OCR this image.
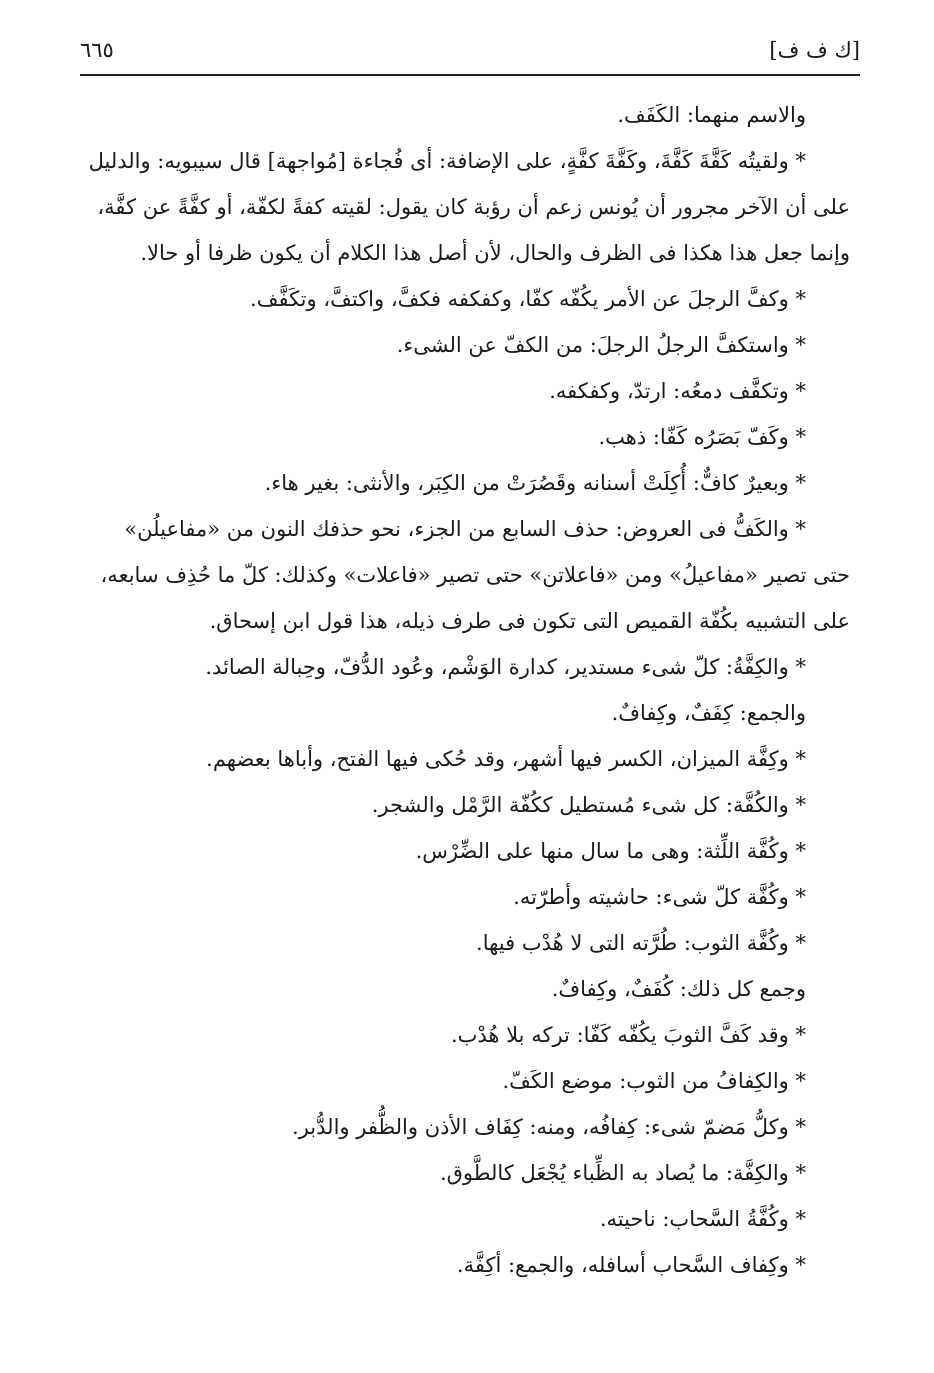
[ك ف ف]
٦٦٥

والاسم منهما: الكَفَف.

* ولقيتُه كَفَّةَ كَفَّةَ، وكَفَّةَ كفَّةٍ، على الإضافة: أى فُجاءة [مُواجهة] قال سيبويه: والدليل

على أن الآخر مجرور أن يُونس زعم أن رؤبة كان يقول: لقيته كفةً لكفّة، أو كفَّةً عن كفَّة،

وإنما جعل هذا هكذا فى الظرف والحال، لأن أصل هذا الكلام أن يكون ظرفا أو حالا.

* وكفَّ الرجلَ عن الأمر يكُفّه كفّا، وكفكفه فكفَّ، واكتفَّ، وتكَفَّف.

* واستكفَّ الرجلُ الرجلَ: من الكفّ عن الشىء.

* وتكفَّف دمعُه: ارتدّ، وكفكفه.

* وكَفّ بَصَرُه كَفّا: ذهب.

* وبعيرٌ كافٌّ: أُكِلَتْ أسنانه وقَصُرَتْ من الكِبَر، والأنثى: بغير هاء.

* والكَفُّ فى العروض: حذف السابع من الجزء، نحو حذفك النون من «مفاعيلُن»

حتى تصير «مفاعيلُ» ومن «فاعلاتن» حتى تصير «فاعلات» وكذلك: كلّ ما حُذِف سابعه،

على التشبيه بكُفّة القميص التى تكون فى طرف ذيله، هذا قول ابن إسحاق.

* والكِفَّةُ: كلّ شىء مستدير، كدارة الوَشْم، وعُود الدُّفّ، وحِبالة الصائد.

والجمع: كِفَفٌ، وكِفافٌ.

* وكِفَّة الميزان، الكسر فيها أشهر، وقد حُكى فيها الفتح، وأباها بعضهم.

* والكُفَّة: كل شىء مُستطيل ككُفّة الرَّمْل والشجر.

* وكُفَّة اللِّثة: وهى ما سال منها على الضِّرْس.

* وكُفَّة كلّ شىء: حاشيته وأطرّته.

* وكُفَّة الثوب: طُرَّته التى لا هُدْب فيها.

وجمع كل ذلك: كُفَفٌ، وكِفافٌ.

* وقد كَفَّ الثوبَ يكُفّه كَفّا: تركه بلا هُدْب.

* والكِفافُ من الثوب: موضع الكَفّ.

* وكلُّ مَضمّ شىء: كِفافُه، ومنه: كِفَاف الأذن والظُّفر والدُّبر.

* والكِفَّة: ما يُصاد به الظِّباء يُجْعَل كالطَّوق.

* وكُفَّةُ السَّحاب: ناحيته.

* وكِفاف السَّحاب أسافله، والجمع: أكِفَّة.
